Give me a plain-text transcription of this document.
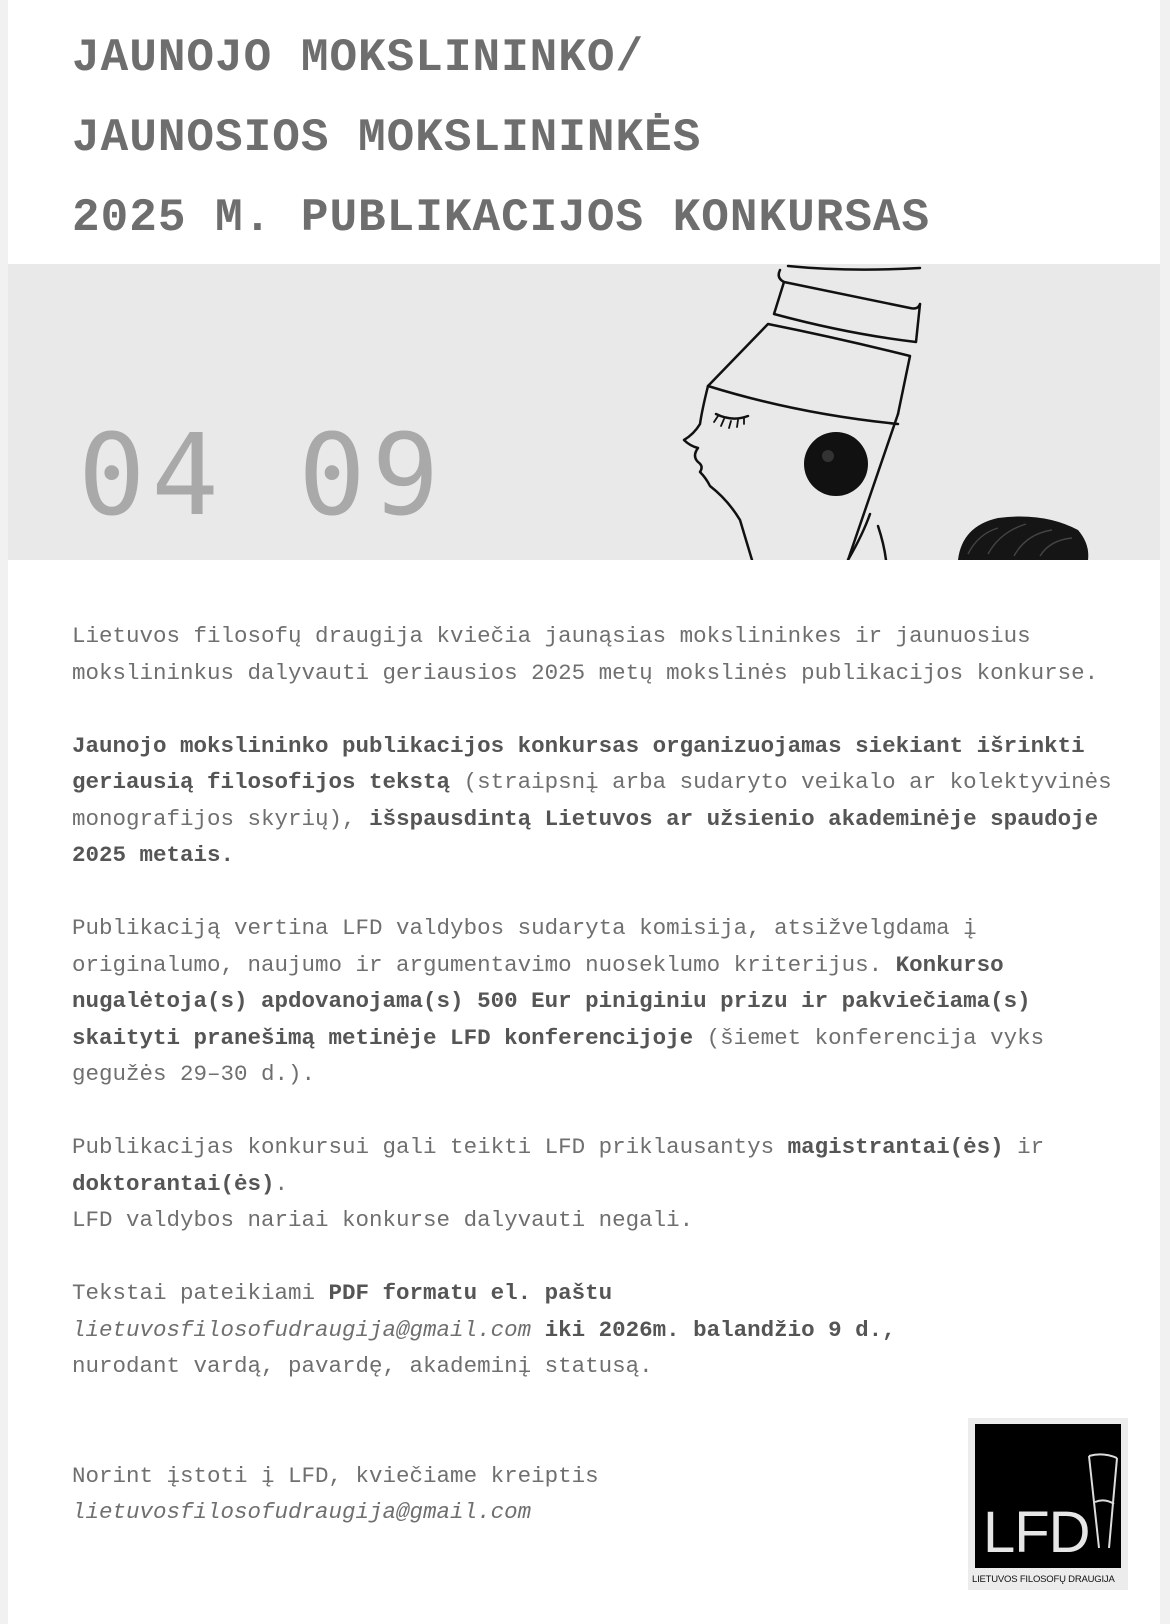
JAUNOJO MOKSLININKO/
JAUNOSIOS MOKSLININKĖS
2025 M. PUBLIKACIJOS KONKURSAS
04 09

Lietuvos filosofų draugija kviečia jaunąsias mokslininkes ir jaunuosius mokslininkus dalyvauti geriausios 2025 metų mokslinės publikacijos konkurse.

Jaunojo mokslininko publikacijos konkursas organizuojamas siekiant išrinkti geriausią filosofijos tekstą (straipsnį arba sudaryto veikalo ar kolektyvinės monografijos skyrių), išspausdintą Lietuvos ar užsienio akademinėje spaudoje 2025 metais.

Publikaciją vertina LFD valdybos sudaryta komisija, atsižvelgdama į originalumo, naujumo ir argumentavimo nuoseklumo kriterijus. Konkurso nugalėtoja(s) apdovanojama(s) 500 Eur piniginiu prizu ir pakviečiama(s) skaityti pranešimą metinėje LFD konferencijoje (šiemet konferencija vyks gegužės 29–30 d.).

Publikacijas konkursui gali teikti LFD priklausantys magistrantai(ės) ir doktorantai(ės).
LFD valdybos nariai konkurse dalyvauti negali.

Tekstai pateikiami PDF formatu el. paštu
lietuvosfilosofudraugija@gmail.com iki 2026m. balandžio 9 d.,
nurodant vardą, pavardę, akademinį statusą.

Norint įstoti į LFD, kviečiame kreiptis
lietuvosfilosofudraugija@gmail.com	LFD
LIETUVOS FILOSOFŲ DRAUGIJA
